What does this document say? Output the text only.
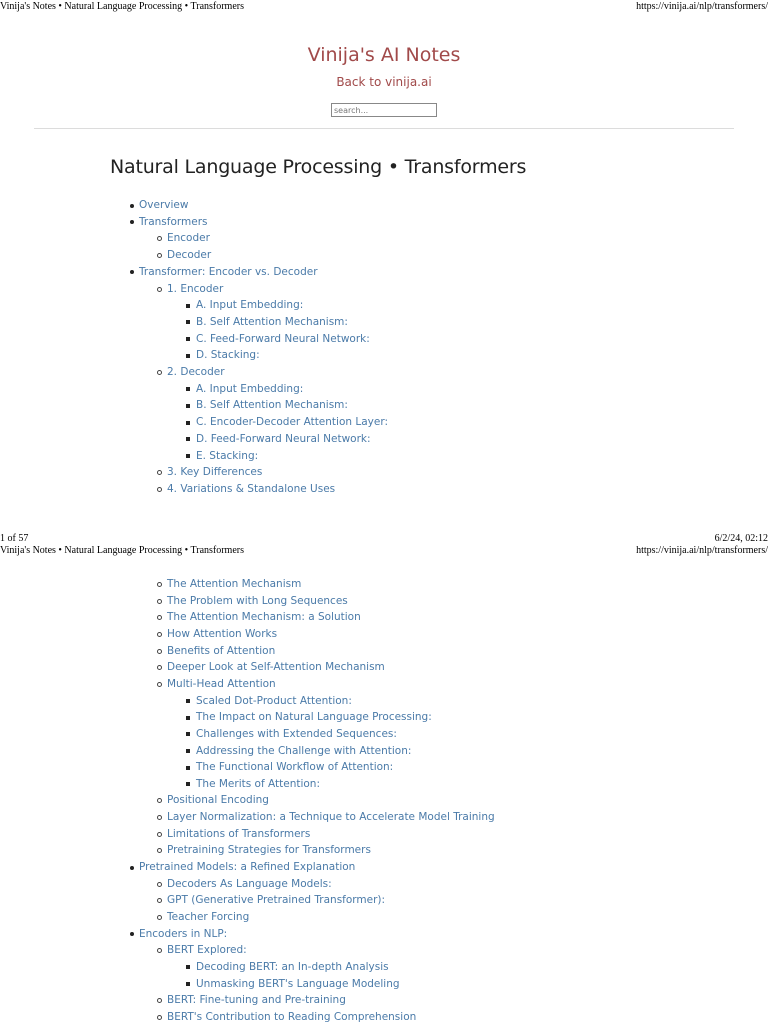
Vinija's Notes • Natural Language Processing • Transformers	https://vinija.ai/nlp/transformers/
Vinija's AI Notes
Back to vinija.ai
search...
Natural Language Processing • Transformers
Overview
Transformers
Encoder
Decoder
Transformer: Encoder vs. Decoder
1. Encoder
A. Input Embedding:
B. Self Attention Mechanism:
C. Feed-Forward Neural Network:
D. Stacking:
2. Decoder
A. Input Embedding:
B. Self Attention Mechanism:
C. Encoder-Decoder Attention Layer:
D. Feed-Forward Neural Network:
E. Stacking:
3. Key Differences
4. Variations & Standalone Uses
1 of 57	6/2/24, 02:12
Vinija's Notes • Natural Language Processing • Transformers	https://vinija.ai/nlp/transformers/
The Attention Mechanism
The Problem with Long Sequences
The Attention Mechanism: a Solution
How Attention Works
Benefits of Attention
Deeper Look at Self-Attention Mechanism
Multi-Head Attention
Scaled Dot-Product Attention:
The Impact on Natural Language Processing:
Challenges with Extended Sequences:
Addressing the Challenge with Attention:
The Functional Workflow of Attention:
The Merits of Attention:
Positional Encoding
Layer Normalization: a Technique to Accelerate Model Training
Limitations of Transformers
Pretraining Strategies for Transformers
Pretrained Models: a Refined Explanation
Decoders As Language Models:
GPT (Generative Pretrained Transformer):
Teacher Forcing
Encoders in NLP:
BERT Explored:
Decoding BERT: an In-depth Analysis
Unmasking BERT's Language Modeling
BERT: Fine-tuning and Pre-training
BERT's Contribution to Reading Comprehension
